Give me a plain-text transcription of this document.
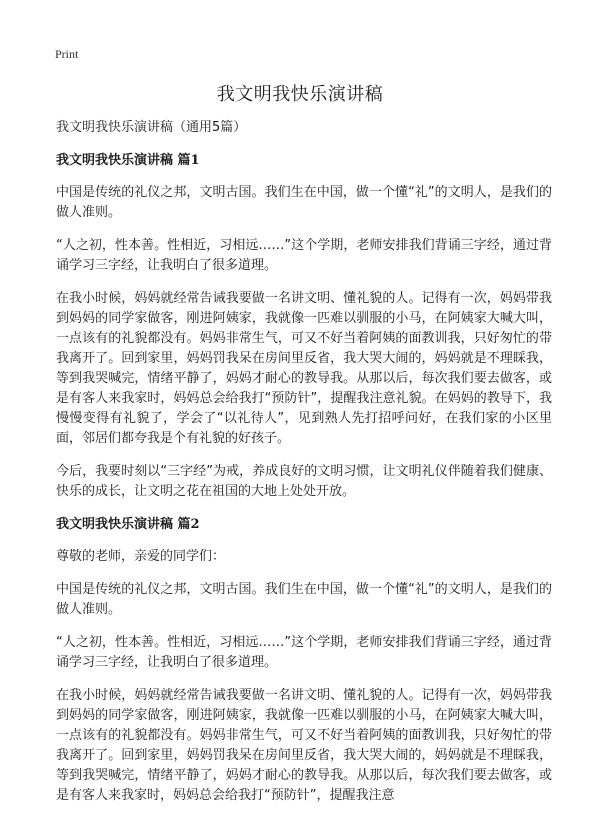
Print
我文明我快乐演讲稿

我文明我快乐演讲稿（通用5篇）

我文明我快乐演讲稿 篇1

中国是传统的礼仪之邦，文明古国。我们生在中国，做一个懂“礼”的文明人，是我们的做人准则。

“人之初，性本善。性相近，习相远……”这个学期，老师安排我们背诵三字经，通过背诵学习三字经，让我明白了很多道理。

在我小时候，妈妈就经常告诫我要做一名讲文明、懂礼貌的人。记得有一次，妈妈带我到妈妈的同学家做客，刚进阿姨家，我就像一匹难以驯服的小马，在阿姨家大喊大叫，一点该有的礼貌都没有。妈妈非常生气，可又不好当着阿姨的面教训我，只好匆忙的带我离开了。回到家里，妈妈罚我呆在房间里反省，我大哭大闹的，妈妈就是不理睬我，等到我哭喊完，情绪平静了，妈妈才耐心的教导我。从那以后，每次我们要去做客，或是有客人来我家时，妈妈总会给我打“预防针”，提醒我注意礼貌。在妈妈的教导下，我慢慢变得有礼貌了，学会了“以礼待人”，见到熟人先打招呼问好，在我们家的小区里面，邻居们都夸我是个有礼貌的好孩子。

今后，我要时刻以“三字经”为戒，养成良好的文明习惯，让文明礼仪伴随着我们健康、快乐的成长，让文明之花在祖国的大地上处处开放。

我文明我快乐演讲稿 篇2

尊敬的老师，亲爱的同学们：

中国是传统的礼仪之邦，文明古国。我们生在中国，做一个懂“礼”的文明人，是我们的做人准则。

“人之初，性本善。性相近，习相远……”这个学期，老师安排我们背诵三字经，通过背诵学习三字经，让我明白了很多道理。

在我小时候，妈妈就经常告诫我要做一名讲文明、懂礼貌的人。记得有一次，妈妈带我到妈妈的同学家做客，刚进阿姨家，我就像一匹难以驯服的小马，在阿姨家大喊大叫，一点该有的礼貌都没有。妈妈非常生气，可又不好当着阿姨的面教训我，只好匆忙的带我离开了。回到家里，妈妈罚我呆在房间里反省，我大哭大闹的，妈妈就是不理睬我，等到我哭喊完，情绪平静了，妈妈才耐心的教导我。从那以后，每次我们要去做客，或是有客人来我家时，妈妈总会给我打“预防针”，提醒我注意
